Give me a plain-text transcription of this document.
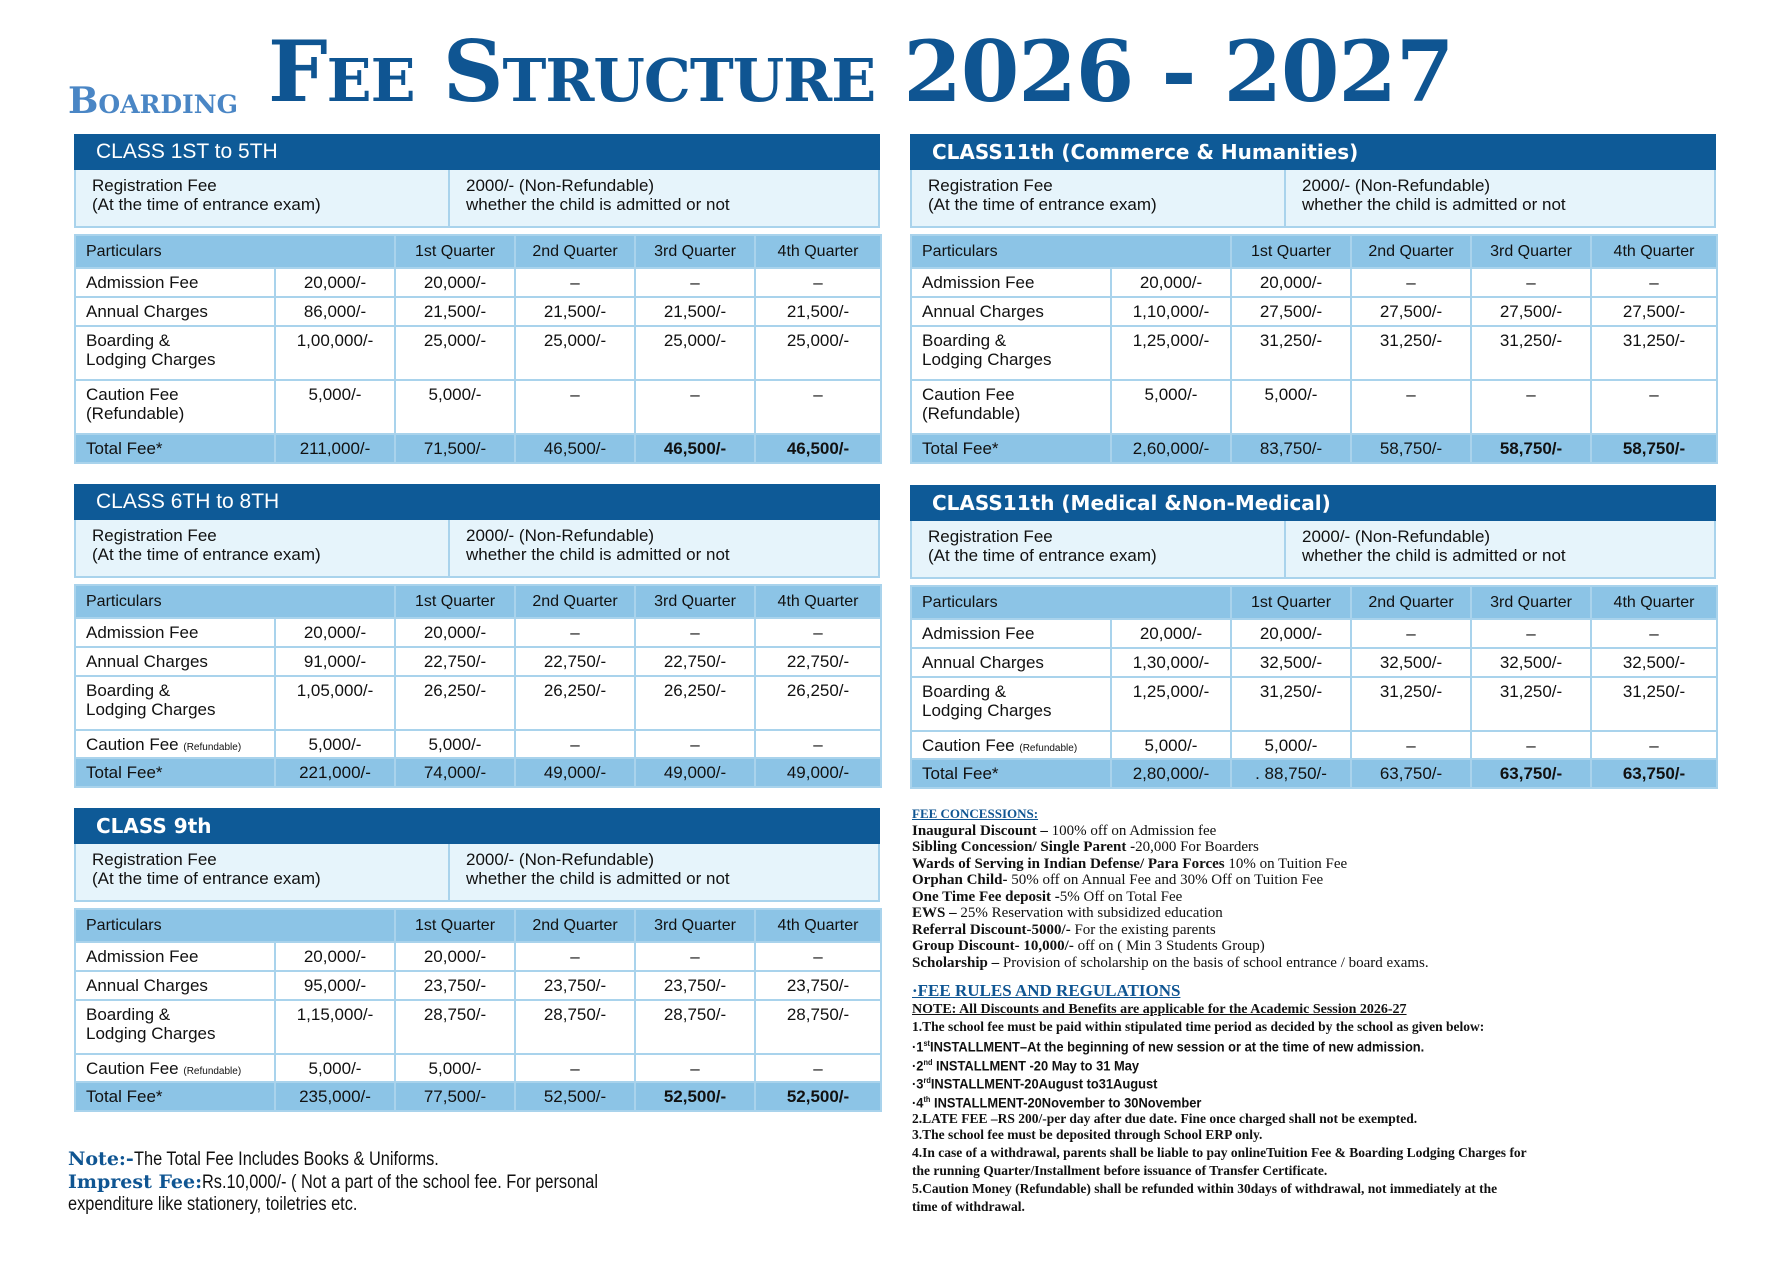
Boarding Fee Structure 2026 - 2027
CLASS 1ST to 5TH
Registration Fee
(At the time of entrance exam)
2000/- (Non-Refundable)
whether the child is admitted or not
Particulars		1st Quarter	2nd Quarter	3rd Quarter	4th Quarter

Admission Fee	20,000/-	20,000/-	–	–	–

Annual Charges	86,000/-	21,500/-	21,500/-	21,500/-	21,500/-

Boarding &
Lodging Charges	1,00,000/-	25,000/-	25,000/-	25,000/-	25,000/-

Caution Fee
(Refundable)	5,000/-	5,000/-	–	–	–
Total Fee*	211,000/-	71,500/-	46,500/-	46,500/-	46,500/-
CLASS 6TH to 8TH
Registration Fee
(At the time of entrance exam)
2000/- (Non-Refundable)
whether the child is admitted or not
Particulars		1st Quarter	2nd Quarter	3rd Quarter	4th Quarter

Admission Fee	20,000/-	20,000/-	–	–	–

Annual Charges	91,000/-	22,750/-	22,750/-	22,750/-	22,750/-

Boarding &
Lodging Charges	1,05,000/-	26,250/-	26,250/-	26,250/-	26,250/-
Caution Fee (Refundable)	5,000/-	5,000/-	–	–	–
Total Fee*	221,000/-	74,000/-	49,000/-	49,000/-	49,000/-
CLASS 9th
Registration Fee
(At the time of entrance exam)
2000/- (Non-Refundable)
whether the child is admitted or not
Particulars		1st Quarter	2nd Quarter	3rd Quarter	4th Quarter

Admission Fee	20,000/-	20,000/-	–	–	–

Annual Charges	95,000/-	23,750/-	23,750/-	23,750/-	23,750/-

Boarding &
Lodging Charges	1,15,000/-	28,750/-	28,750/-	28,750/-	28,750/-
Caution Fee (Refundable)	5,000/-	5,000/-	–	–	–
Total Fee*	235,000/-	77,500/-	52,500/-	52,500/-	52,500/-
CLASS11th (Commerce & Humanities)
Registration Fee
(At the time of entrance exam)
2000/- (Non-Refundable)
whether the child is admitted or not
Particulars		1st Quarter	2nd Quarter	3rd Quarter	4th Quarter

Admission Fee	20,000/-	20,000/-	–	–	–

Annual Charges	1,10,000/-	27,500/-	27,500/-	27,500/-	27,500/-

Boarding &
Lodging Charges	1,25,000/-	31,250/-	31,250/-	31,250/-	31,250/-

Caution Fee
(Refundable)	5,000/-	5,000/-	–	–	–
Total Fee*	2,60,000/-	83,750/-	58,750/-	58,750/-	58,750/-
CLASS11th (Medical &Non-Medical)
Registration Fee
(At the time of entrance exam)
2000/- (Non-Refundable)
whether the child is admitted or not
Particulars		1st Quarter	2nd Quarter	3rd Quarter	4th Quarter

Admission Fee	20,000/-	20,000/-	–	–	–

Annual Charges	1,30,000/-	32,500/-	32,500/-	32,500/-	32,500/-

Boarding &
Lodging Charges	1,25,000/-	31,250/-	31,250/-	31,250/-	31,250/-
Caution Fee (Refundable)	5,000/-	5,000/-	–	–	–
Total Fee*	2,80,000/-	. 88,750/-	63,750/-	63,750/-	63,750/-
Note:-The Total Fee Includes Books & Uniforms.
Imprest Fee:Rs.10,000/- ( Not a part of the school fee. For personal
expenditure like stationery, toiletries etc.
FEE CONCESSIONS:
Inaugural Discount – 100% off on Admission fee
Sibling Concession/ Single Parent -20,000 For Boarders
Wards of Serving in Indian Defense/ Para Forces 10% on Tuition Fee
Orphan Child- 50% off on Annual Fee and 30% Off on Tuition Fee
One Time Fee deposit -5% Off on Total Fee
EWS – 25% Reservation with subsidized education
Referral Discount-5000/- For the existing parents
Group Discount- 10,000/- off on ( Min 3 Students Group)
Scholarship – Provision of scholarship on the basis of school entrance / board exams.
·FEE RULES AND REGULATIONS
NOTE: All Discounts and Benefits are applicable for the Academic Session 2026-27
1.The school fee must be paid within stipulated time period as decided by the school as given below:
·1stINSTALLMENT–At the beginning of new session or at the time of new admission.
·2nd INSTALLMENT -20 May to 31 May
·3rdINSTALLMENT-20August to31August
·4th INSTALLMENT-20November to 30November
2.LATE FEE –RS 200/-per day after due date. Fine once charged shall not be exempted.
3.The school fee must be deposited through School ERP only.
4.In case of a withdrawal, parents shall be liable to pay onlineTuition Fee & Boarding Lodging Charges for
the running Quarter/Installment before issuance of Transfer Certificate.
5.Caution Money (Refundable) shall be refunded within 30days of withdrawal, not immediately at the
time of withdrawal.
